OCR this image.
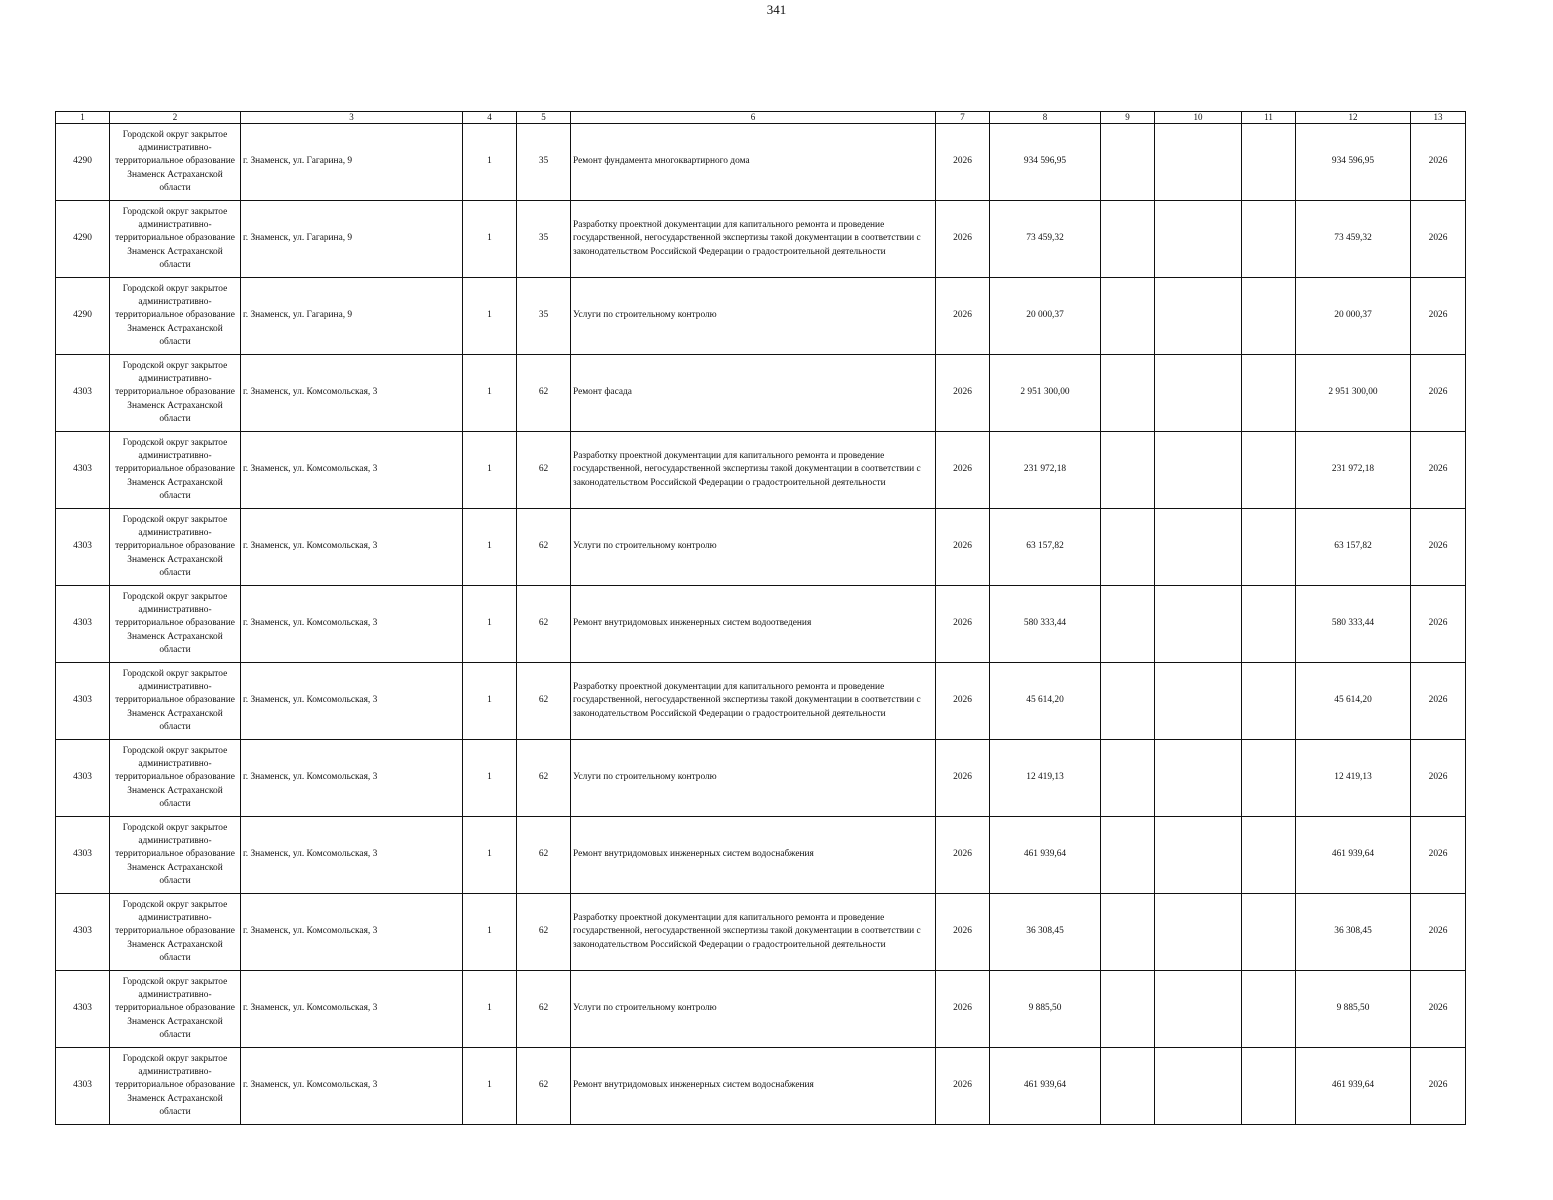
341
1	2	3	4	5	6	7	8	9	10	11	12	13
4290	Городской округ закрытое административно-территориальное образование Знаменск Астраханской области	г. Знаменск, ул. Гагарина, 9	1	35	Ремонт фундамента многоквартирного дома	2026	934 596,95				934 596,95	2026
4290	Городской округ закрытое административно-территориальное образование Знаменск Астраханской области	г. Знаменск, ул. Гагарина, 9	1	35	Разработку проектной документации для капитального ремонта и проведение государственной, негосударственной экспертизы такой документации в соответствии с законодательством Российской Федерации о градостроительной деятельности	2026	73 459,32				73 459,32	2026
4290	Городской округ закрытое административно-территориальное образование Знаменск Астраханской области	г. Знаменск, ул. Гагарина, 9	1	35	Услуги по строительному контролю	2026	20 000,37				20 000,37	2026
4303	Городской округ закрытое административно-территориальное образование Знаменск Астраханской области	г. Знаменск, ул. Комсомольская, 3	1	62	Ремонт фасада	2026	2 951 300,00				2 951 300,00	2026
4303	Городской округ закрытое административно-территориальное образование Знаменск Астраханской области	г. Знаменск, ул. Комсомольская, 3	1	62	Разработку проектной документации для капитального ремонта и проведение государственной, негосударственной экспертизы такой документации в соответствии с законодательством Российской Федерации о градостроительной деятельности	2026	231 972,18				231 972,18	2026
4303	Городской округ закрытое административно-территориальное образование Знаменск Астраханской области	г. Знаменск, ул. Комсомольская, 3	1	62	Услуги по строительному контролю	2026	63 157,82				63 157,82	2026
4303	Городской округ закрытое административно-территориальное образование Знаменск Астраханской области	г. Знаменск, ул. Комсомольская, 3	1	62	Ремонт внутридомовых инженерных систем водоотведения	2026	580 333,44				580 333,44	2026
4303	Городской округ закрытое административно-территориальное образование Знаменск Астраханской области	г. Знаменск, ул. Комсомольская, 3	1	62	Разработку проектной документации для капитального ремонта и проведение государственной, негосударственной экспертизы такой документации в соответствии с законодательством Российской Федерации о градостроительной деятельности	2026	45 614,20				45 614,20	2026
4303	Городской округ закрытое административно-территориальное образование Знаменск Астраханской области	г. Знаменск, ул. Комсомольская, 3	1	62	Услуги по строительному контролю	2026	12 419,13				12 419,13	2026
4303	Городской округ закрытое административно-территориальное образование Знаменск Астраханской области	г. Знаменск, ул. Комсомольская, 3	1	62	Ремонт внутридомовых инженерных систем водоснабжения	2026	461 939,64				461 939,64	2026
4303	Городской округ закрытое административно-территориальное образование Знаменск Астраханской области	г. Знаменск, ул. Комсомольская, 3	1	62	Разработку проектной документации для капитального ремонта и проведение государственной, негосударственной экспертизы такой документации в соответствии с законодательством Российской Федерации о градостроительной деятельности	2026	36 308,45				36 308,45	2026
4303	Городской округ закрытое административно-территориальное образование Знаменск Астраханской области	г. Знаменск, ул. Комсомольская, 3	1	62	Услуги по строительному контролю	2026	9 885,50				9 885,50	2026
4303	Городской округ закрытое административно-территориальное образование Знаменск Астраханской области	г. Знаменск, ул. Комсомольская, 3	1	62	Ремонт внутридомовых инженерных систем водоснабжения	2026	461 939,64				461 939,64	2026
